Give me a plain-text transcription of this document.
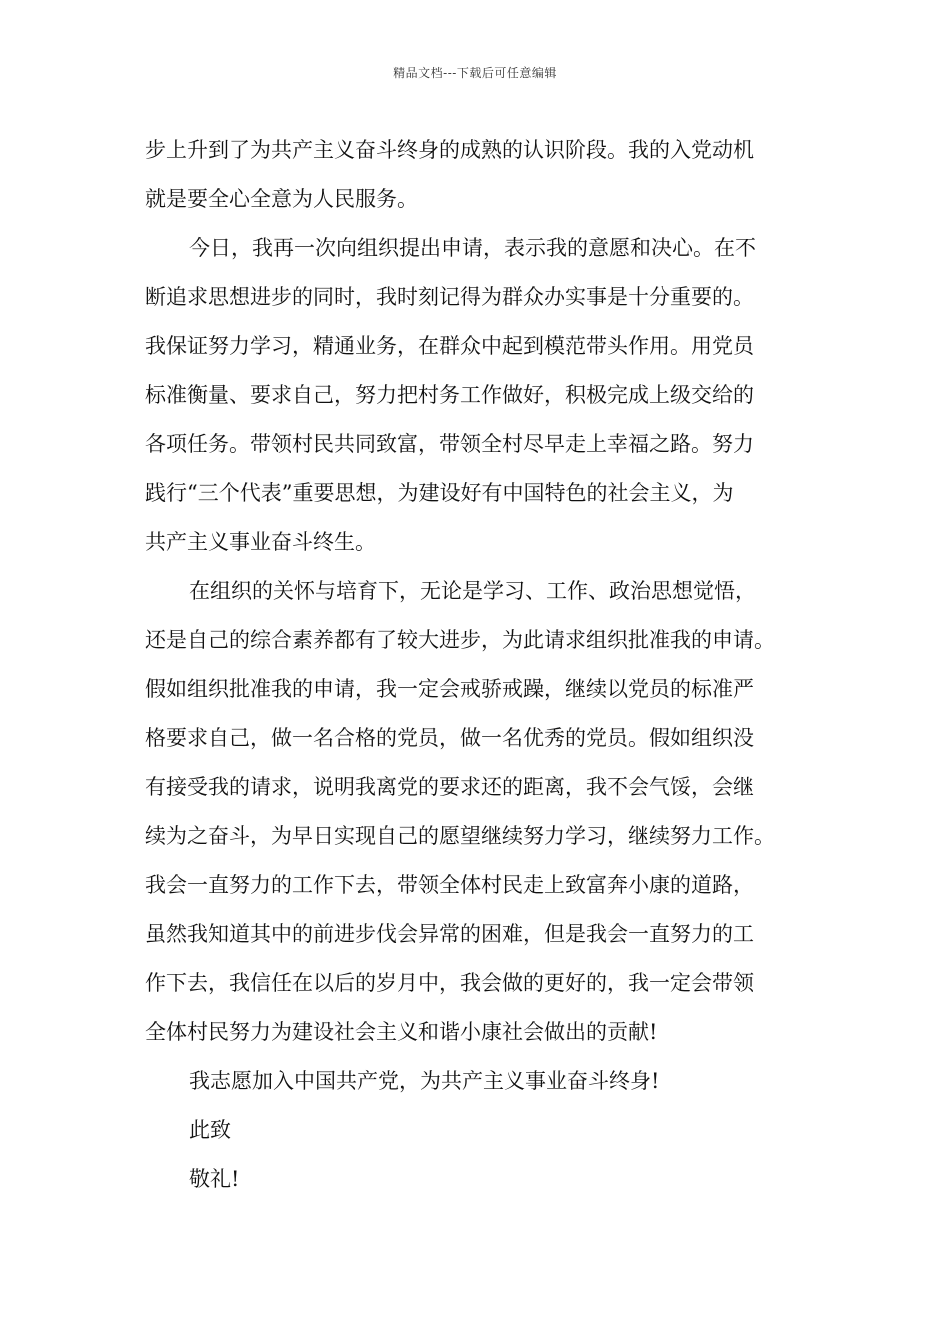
精品文档---下载后可任意编辑
步上升到了为共产主义奋斗终身的成熟的认识阶段。我的入党动机
就是要全心全意为人民服务。
今日，我再一次向组织提出申请，表示我的意愿和决心。在不
断追求思想进步的同时，我时刻记得为群众办实事是十分重要的。
我保证努力学习，精通业务，在群众中起到模范带头作用。用党员
标准衡量、要求自己，努力把村务工作做好，积极完成上级交给的
各项任务。带领村民共同致富，带领全村尽早走上幸福之路。努力
践行“三个代表”重要思想，为建设好有中国特色的社会主义，为
共产主义事业奋斗终生。
在组织的关怀与培育下，无论是学习、工作、政治思想觉悟，
还是自己的综合素养都有了较大进步，为此请求组织批准我的申请。
假如组织批准我的申请，我一定会戒骄戒躁，继续以党员的标准严
格要求自己，做一名合格的党员，做一名优秀的党员。假如组织没
有接受我的请求，说明我离党的要求还的距离，我不会气馁，会继
续为之奋斗，为早日实现自己的愿望继续努力学习，继续努力工作。
我会一直努力的工作下去，带领全体村民走上致富奔小康的道路，
虽然我知道其中的前进步伐会异常的困难，但是我会一直努力的工
作下去，我信任在以后的岁月中，我会做的更好的，我一定会带领
全体村民努力为建设社会主义和谐小康社会做出的贡献!
我志愿加入中国共产党，为共产主义事业奋斗终身!
此致
敬礼!
